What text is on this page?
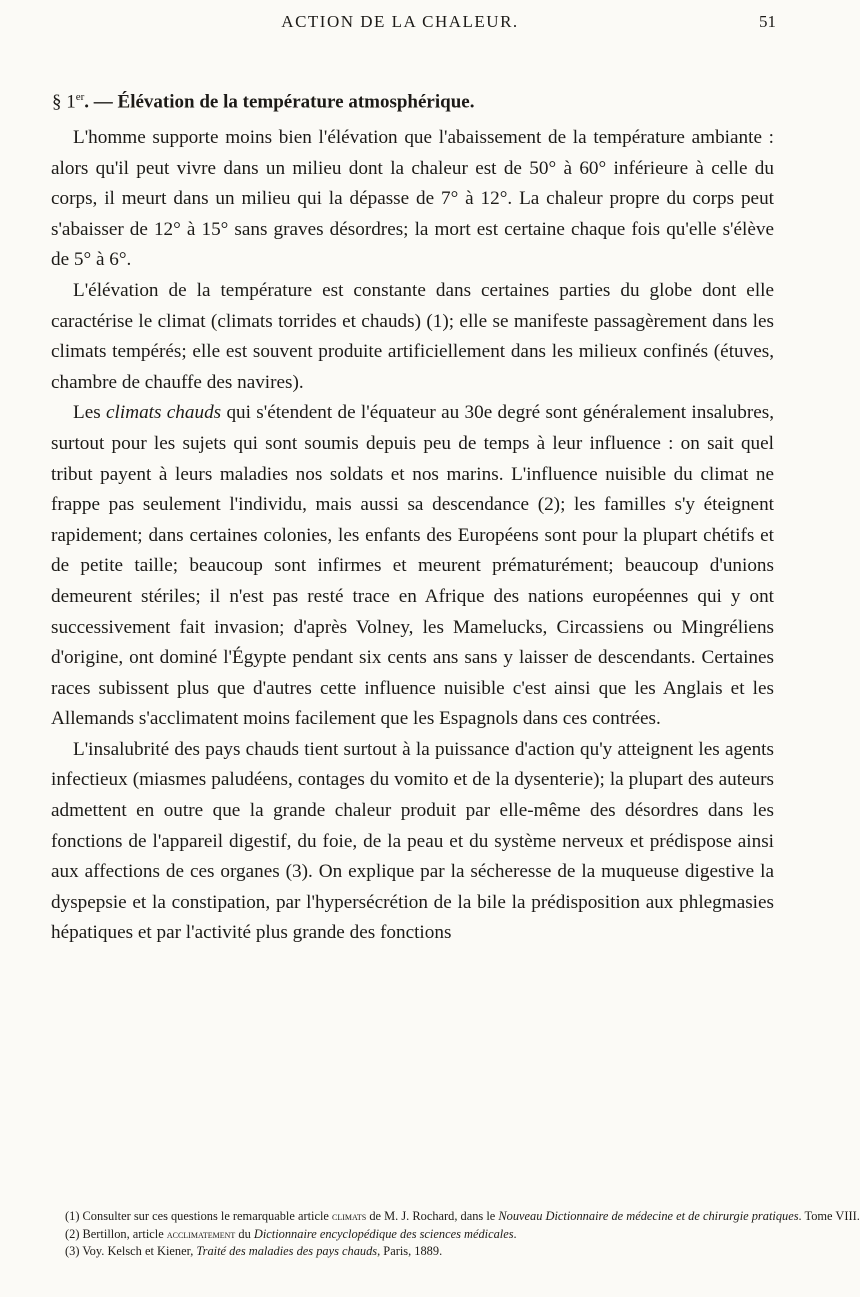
ACTION DE LA CHALEUR.	51
§ 1er. — Élévation de la température atmosphérique.

L'homme supporte moins bien l'élévation que l'abaissement de la température ambiante : alors qu'il peut vivre dans un milieu dont la chaleur est de 50° à 60° inférieure à celle du corps, il meurt dans un milieu qui la dépasse de 7° à 12°. La chaleur propre du corps peut s'abaisser de 12° à 15° sans graves désordres; la mort est certaine chaque fois qu'elle s'élève de 5° à 6°.

L'élévation de la température est constante dans certaines parties du globe dont elle caractérise le climat (climats torrides et chauds) (1); elle se manifeste passagèrement dans les climats tempérés; elle est souvent produite artificiellement dans les milieux confinés (étuves, chambre de chauffe des navires).

Les climats chauds qui s'étendent de l'équateur au 30e degré sont généralement insalubres, surtout pour les sujets qui sont soumis depuis peu de temps à leur influence : on sait quel tribut payent à leurs maladies nos soldats et nos marins. L'influence nuisible du climat ne frappe pas seulement l'individu, mais aussi sa descendance (2); les familles s'y éteignent rapidement; dans certaines colonies, les enfants des Européens sont pour la plupart chétifs et de petite taille; beaucoup sont infirmes et meurent prématurément; beaucoup d'unions demeurent stériles; il n'est pas resté trace en Afrique des nations européennes qui y ont successivement fait invasion; d'après Volney, les Mamelucks, Circassiens ou Mingréliens d'origine, ont dominé l'Égypte pendant six cents ans sans y laisser de descendants. Certaines races subissent plus que d'autres cette influence nuisible c'est ainsi que les Anglais et les Allemands s'acclimatent moins facilement que les Espagnols dans ces contrées.

L'insalubrité des pays chauds tient surtout à la puissance d'action qu'y atteignent les agents infectieux (miasmes paludéens, contages du vomito et de la dysenterie); la plupart des auteurs admettent en outre que la grande chaleur produit par elle-même des désordres dans les fonctions de l'appareil digestif, du foie, de la peau et du système nerveux et prédispose ainsi aux affections de ces organes (3). On explique par la sécheresse de la muqueuse digestive la dyspepsie et la constipation, par l'hypersécrétion de la bile la prédisposition aux phlegmasies hépatiques et par l'activité plus grande des fonctions

(1) Consulter sur ces questions le remarquable article climats de M. J. Rochard, dans le Nouveau Dictionnaire de médecine et de chirurgie pratiques. Tome VIII.

(2) Bertillon, article acclimatement du Dictionnaire encyclopédique des sciences médicales.

(3) Voy. Kelsch et Kiener, Traité des maladies des pays chauds, Paris, 1889.
